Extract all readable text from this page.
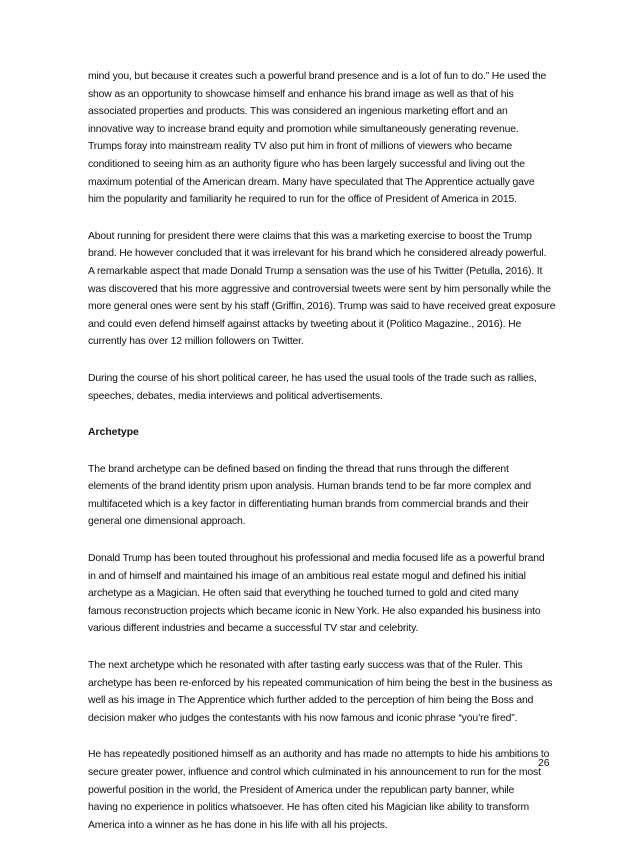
mind you, but because it creates such a powerful brand presence and is a lot of fun to do.” He used the
show as an opportunity to showcase himself and enhance his brand image as well as that of his
associated properties and products. This was considered an ingenious marketing effort and an
innovative way to increase brand equity and promotion while simultaneously generating revenue.
Trumps foray into mainstream reality TV also put him in front of millions of viewers who became
conditioned to seeing him as an authority figure who has been largely successful and living out the
maximum potential of the American dream. Many have speculated that The Apprentice actually gave
him the popularity and familiarity he required to run for the office of President of America in 2015.

About running for president there were claims that this was a marketing exercise to boost the Trump
brand. He however concluded that it was irrelevant for his brand which he considered already powerful.
A remarkable aspect that made Donald Trump a sensation was the use of his Twitter (Petulla, 2016). It
was discovered that his more aggressive and controversial tweets were sent by him personally while the
more general ones were sent by his staff (Griffin, 2016). Trump was said to have received great exposure
and could even defend himself against attacks by tweeting about it (Politico Magazine., 2016). He
currently has over 12 million followers on Twitter.

During the course of his short political career, he has used the usual tools of the trade such as rallies,
speeches, debates, media interviews and political advertisements.

Archetype

The brand archetype can be defined based on finding the thread that runs through the different
elements of the brand identity prism upon analysis. Human brands tend to be far more complex and
multifaceted which is a key factor in differentiating human brands from commercial brands and their
general one dimensional approach.

Donald Trump has been touted throughout his professional and media focused life as a powerful brand
in and of himself and maintained his image of an ambitious real estate mogul and defined his initial
archetype as a Magician. He often said that everything he touched turned to gold and cited many
famous reconstruction projects which became iconic in New York. He also expanded his business into
various different industries and became a successful TV star and celebrity.

The next archetype which he resonated with after tasting early success was that of the Ruler. This
archetype has been re-enforced by his repeated communication of him being the best in the business as
well as his image in The Apprentice which further added to the perception of him being the Boss and
decision maker who judges the contestants with his now famous and iconic phrase “you’re fired”.

He has repeatedly positioned himself as an authority and has made no attempts to hide his ambitions to
secure greater power, influence and control which culminated in his announcement to run for the most
powerful position in the world, the President of America under the republican party banner, while
having no experience in politics whatsoever. He has often cited his Magician like ability to transform
America into a winner as he has done in his life with all his projects.

26
